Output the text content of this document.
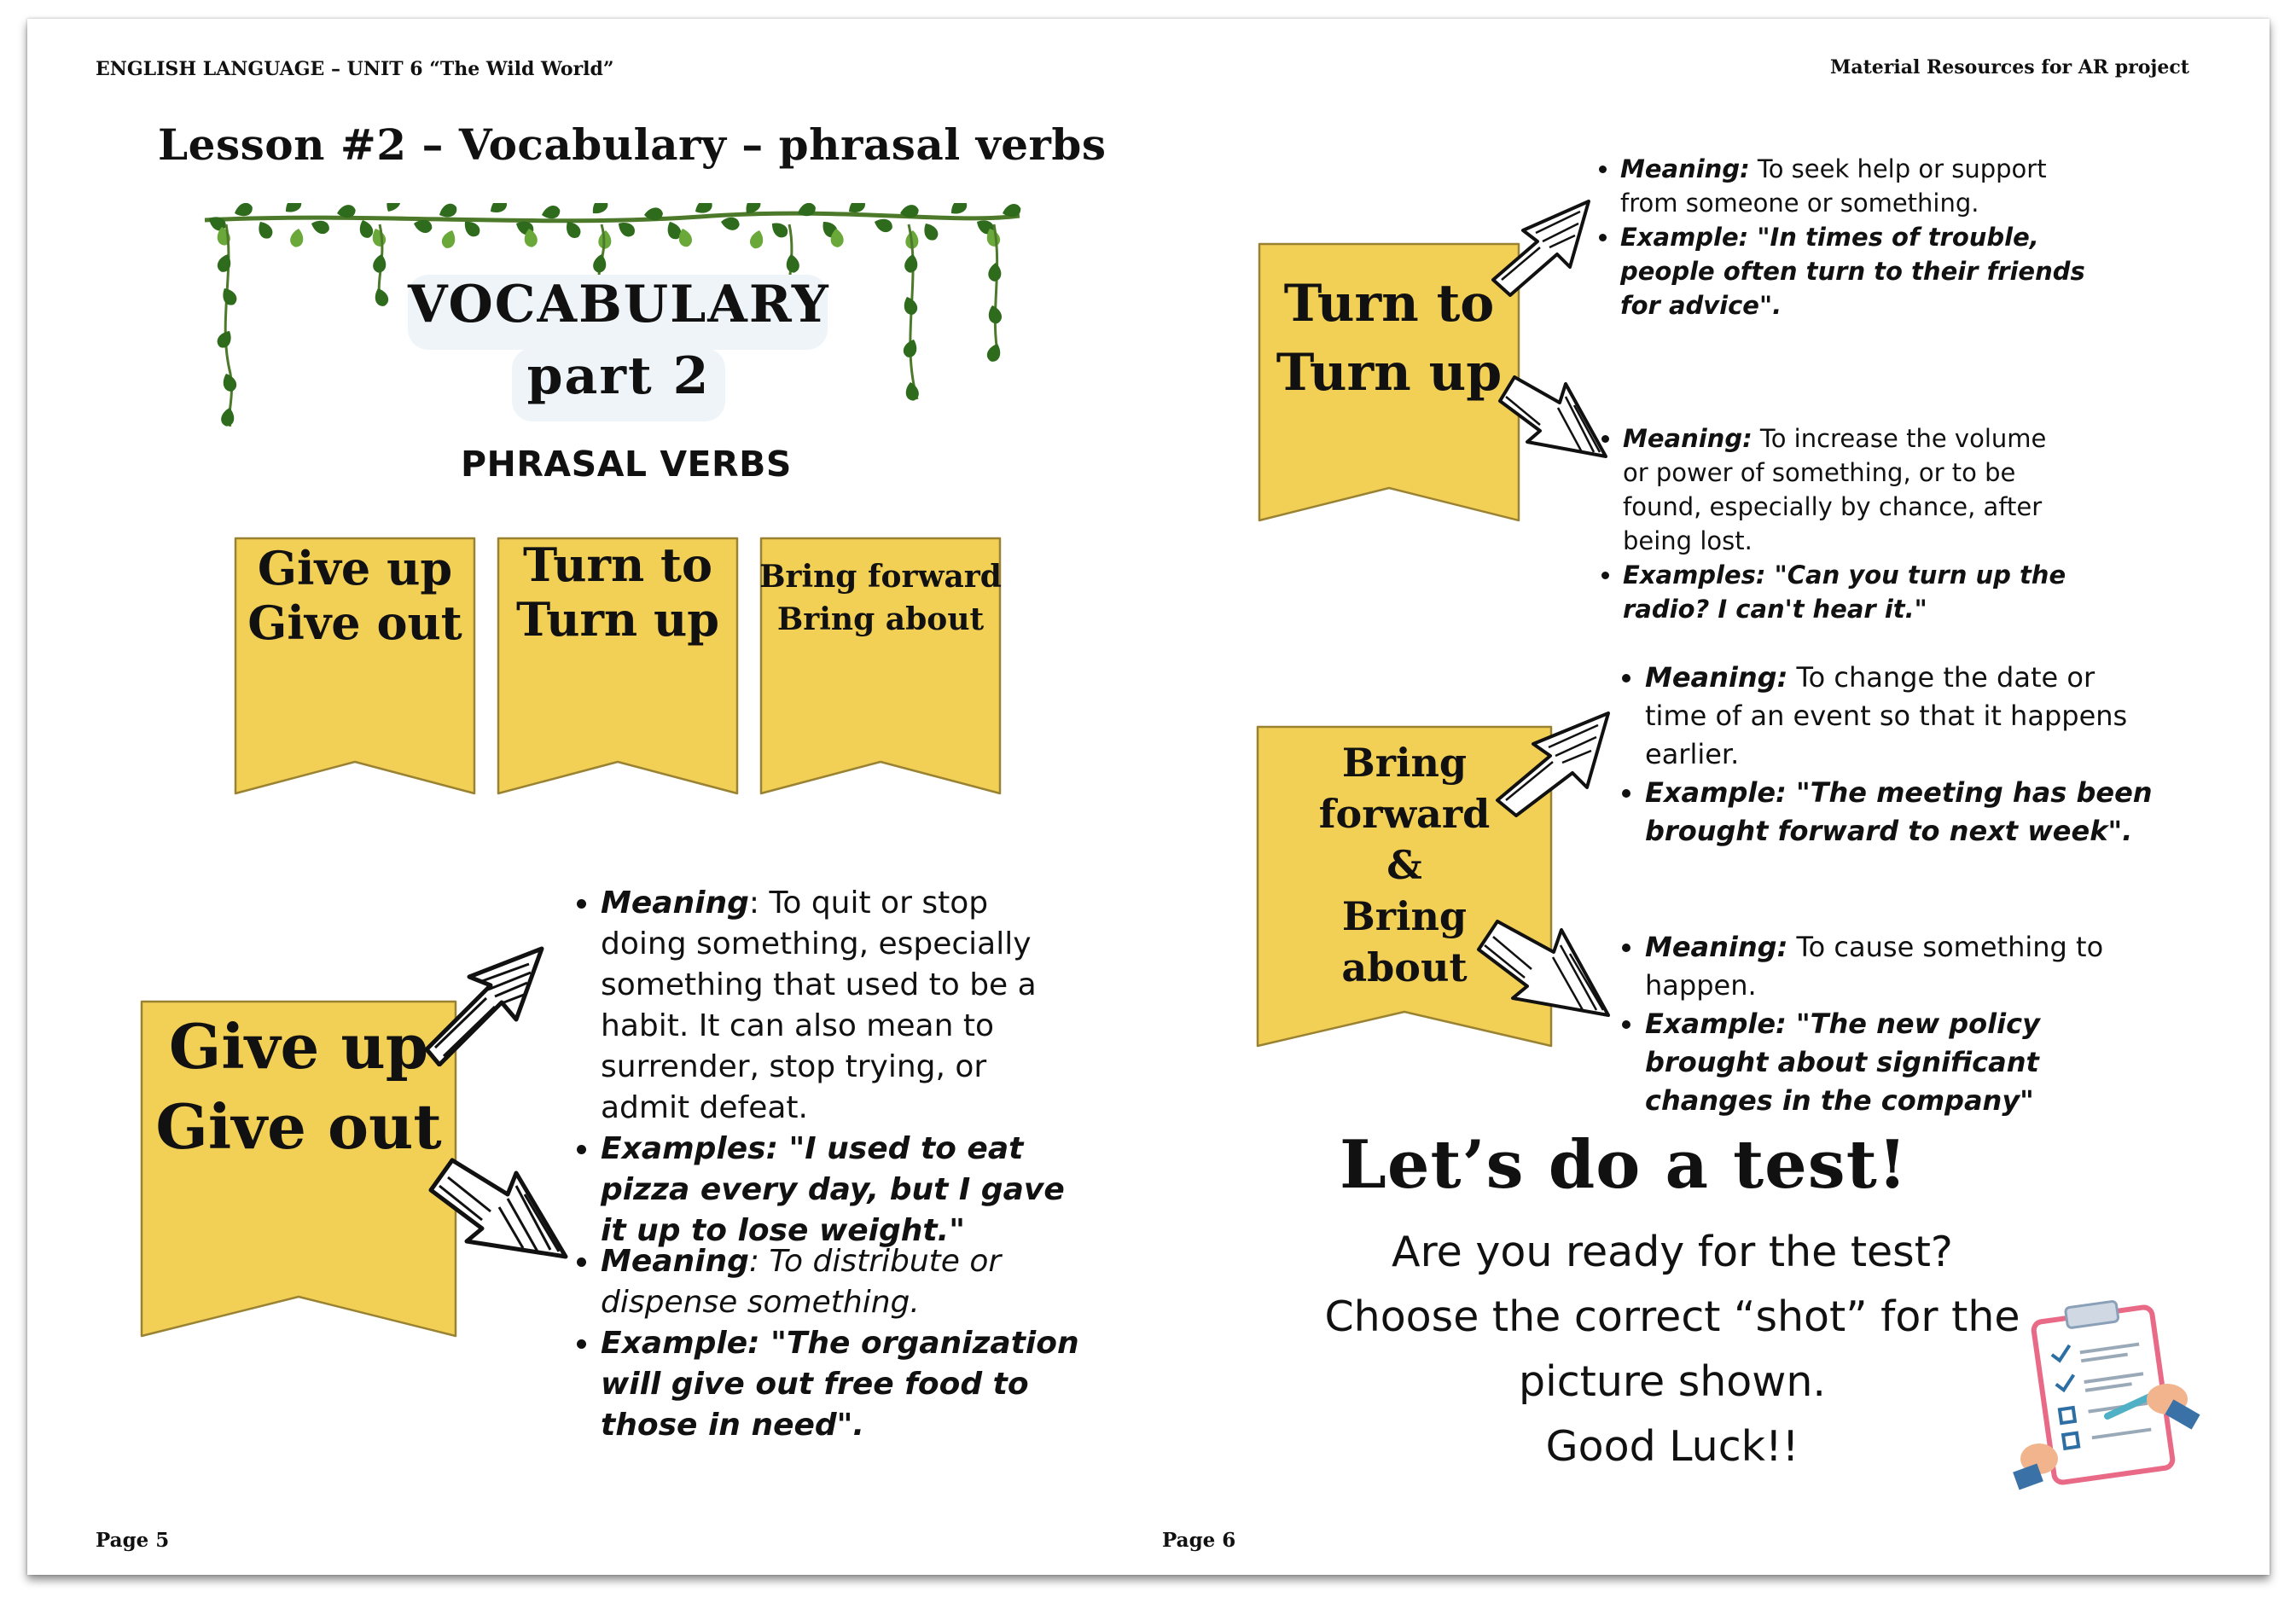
ENGLISH LANGUAGE – UNIT 6 “The Wild World”	Material Resources for AR project
Lesson #2 – Vocabulary – phrasal verbs
VOCABULARY
part 2
PHRASAL VERBS
Give up
Give out
Turn to
Turn up
Bring forward
Bring about
Give up
Give out
• Meaning: To quit or stop doing something, especially something that used to be a habit. It can also mean to surrender, stop trying, or admit defeat.
• Examples: "I used to eat pizza every day, but I gave it up to lose weight."
• Meaning: To distribute or dispense something.
• Example: "The organization will give out free food to those in need".
Page 5
Turn to
Turn up
• Meaning: To seek help or support from someone or something.
• Example: "In times of trouble, people often turn to their friends for advice".
• Meaning: To increase the volume or power of something, or to be found, especially by chance, after being lost.
• Examples: "Can you turn up the radio? I can't hear it."
Bring
forward
&
Bring
about
• Meaning: To change the date or time of an event so that it happens earlier.
• Example: "The meeting has been brought forward to next week".
• Meaning: To cause something to happen.
• Example: "The new policy brought about significant changes in the company"
Let’s do a test!
Are you ready for the test?
Choose the correct “shot” for the
picture shown.
Good Luck!!
Page 6
